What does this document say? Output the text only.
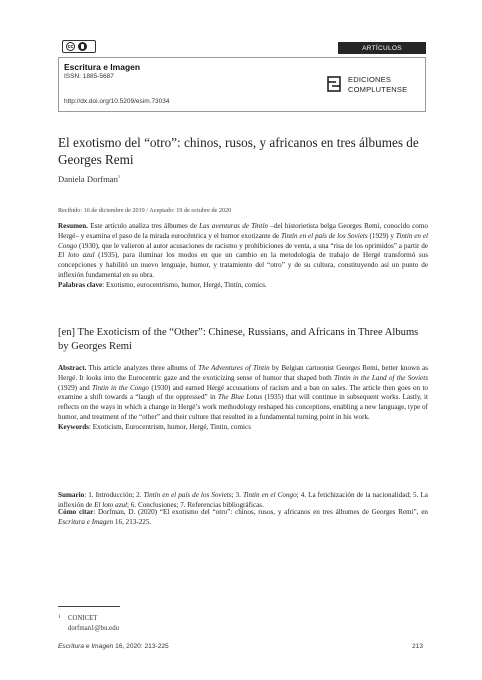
cc	ARTÍCULOS
Escritura e Imagen
ISSN: 1885-5687
http://dx.doi.org/10.5209/esim.73034
EDICIONES
COMPLUTENSE
El exotismo del “otro”: chinos, rusos, y africanos en tres álbumes de Georges Remi
Daniela Dorfman$^1$
Recibido: 16 de diciembre de 2019 / Aceptado: 19 de octubre de 2020
Resumen. Este artículo analiza tres álbumes de Las aventuras de Tintín –del historietista belga Georges Remi, conocido como Hergé– y examina el paso de la mirada eurocéntrica y el humor exotizante de Tintín en el país de los Soviets (1929) y Tintín en el Congo (1930), que le valieron al autor acusaciones de racismo y prohibiciones de venta, a una “risa de los oprimidos” a partir de El loto azul (1935), para iluminar los modos en que un cambio en la metodología de trabajo de Hergé transformó sus concepciones y habilitó un nuevo lenguaje, humor, y tratamiento del “otro” y de su cultura, constituyendo así un punto de inflexión fundamental en su obra.
Palabras clave: Exotismo, eurocentrismo, humor, Hergé, Tintín, comics.
[en] The Exoticism of the “Other”: Chinese, Russians, and Africans in Three Albums by Georges Remi
Abstract. This article analyzes three albums of The Adventures of Tintin by Belgian cartoonist Georges Remi, better known as Hergé. It looks into the Eurocentric gaze and the exoticizing sense of humor that shaped both Tintin in the Land of the Soviets (1929) and Tintin in the Congo (1930) and earned Hergé accusations of racism and a ban on sales. The article then goes on to examine a shift towards a “laugh of the oppressed” in The Blue Lotus (1935) that will continue in subsequent works. Lastly, it reflects on the ways in which a change in Hergé’s work methodology reshaped his conceptions, enabling a new language, type of humor, and treatment of the “other” and their culture that resulted in a fundamental turning point in his work.
Keywords: Exoticism, Eurocentrism, humor, Hergé, Tintin, comics
Sumario: 1. Introducción; 2. Tintín en el país de los Soviets; 3. Tintín en el Congo; 4. La fetichización de la nacionalidad; 5. La inflexión de El loto azul; 6. Conclusiones; 7. Referencias bibliográficas.
Cómo citar: Dorfman, D. (2020) “El exotismo del “otro”: chinos, rusos, y africanos en tres álbumes de Georges Remi”, en Escritura e Imagen 16, 213-225.
1 CONICET
dorfman1@bu.edu
Escritura e Imagen 16, 2020: 213-225	213
